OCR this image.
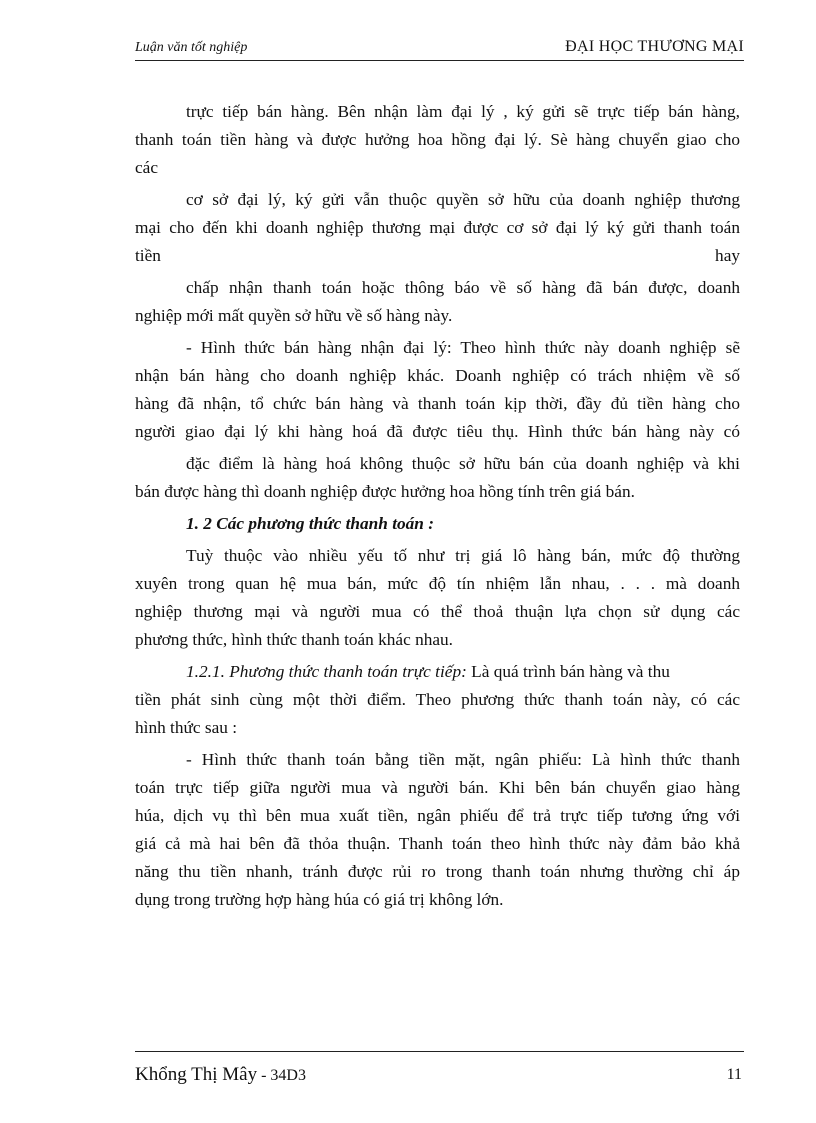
Luận văn tốt nghiệp	ĐẠI HỌC THƯƠNG MẠI
trực tiếp bán hàng. Bên nhận làm đại lý , ký gửi sẽ trực tiếp bán hàng,
thanh toán tiền hàng và được hưởng hoa hồng đại lý. Sè hàng chuyển giao cho
các
cơ sở đại lý, ký gửi vẫn thuộc quyền sở hữu của doanh nghiệp thương
mại cho đến khi doanh nghiệp thương mại được cơ sở đại lý ký gửi thanh toán
tiền	hay
chấp nhận thanh toán hoặc thông báo về số hàng đã bán được, doanh
nghiệp mới mất quyền sở hữu về số hàng này.
- Hình thức bán hàng nhận đại lý: Theo hình thức này doanh nghiệp sẽ
nhận bán hàng cho doanh nghiệp khác. Doanh nghiệp có trách nhiệm về số
hàng đã nhận, tổ chức bán hàng và thanh toán kịp thời, đầy đủ tiền hàng cho
người giao đại lý khi hàng hoá đã được tiêu thụ. Hình thức bán hàng này có
đặc điểm là hàng hoá không thuộc sở hữu bán của doanh nghiệp và khi
bán được hàng thì doanh nghiệp được hưởng hoa hồng tính trên giá bán.
1. 2 Các phương thức thanh toán :
Tuỳ thuộc vào nhiều yếu tố như trị giá lô hàng bán, mức độ thường
xuyên trong quan hệ mua bán, mức độ tín nhiệm lẫn nhau, . . . mà doanh
nghiệp thương mại và người mua có thể thoả thuận lựa chọn sử dụng các
phương thức, hình thức thanh toán khác nhau.
1.2.1. Phương thức thanh toán trực tiếp: Là quá trình bán hàng và thu
tiền phát sinh cùng một thời điểm. Theo phương thức thanh toán này, có các
hình thức sau :
- Hình thức thanh toán bằng tiền mặt, ngân phiếu: Là hình thức thanh
toán trực tiếp giữa người mua và người bán. Khi bên bán chuyển giao hàng
húa, dịch vụ thì bên mua xuất tiền, ngân phiếu để trả trực tiếp tương ứng với
giá cả mà hai bên đã thỏa thuận. Thanh toán theo hình thức này đảm bảo khả
năng thu tiền nhanh, tránh được rủi ro trong thanh toán nhưng thường chỉ áp
dụng trong trường hợp hàng húa có giá trị không lớn.
Khổng Thị Mây - 34D3	11
